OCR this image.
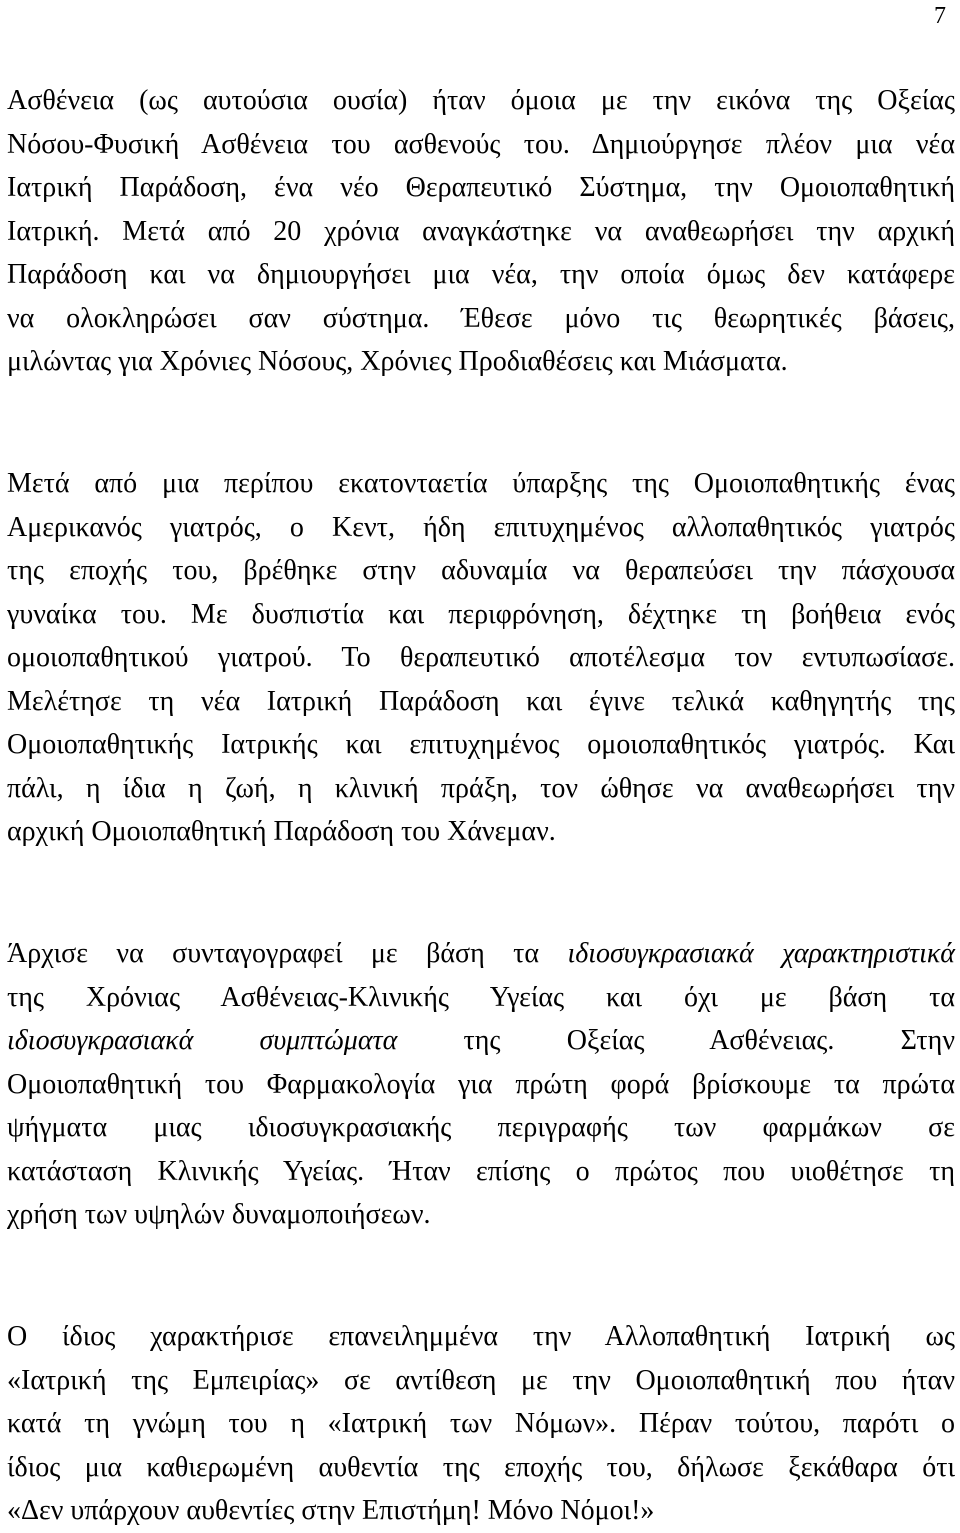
7
Ασθένεια (ως αυτούσια ουσία) ήταν όμοια με την εικόνα της Οξείας
Νόσου-Φυσική Ασθένεια του ασθενούς του. Δημιούργησε πλέον μια νέα
Ιατρική Παράδοση, ένα νέο Θεραπευτικό Σύστημα, την Ομοιοπαθητική
Ιατρική. Μετά από 20 χρόνια αναγκάστηκε να αναθεωρήσει την αρχική
Παράδοση και να δημιουργήσει μια νέα, την οποία όμως δεν κατάφερε
να ολοκληρώσει σαν σύστημα. Έθεσε μόνο τις θεωρητικές βάσεις,
μιλώντας για Χρόνιες Νόσους, Χρόνιες Προδιαθέσεις και Μιάσματα.
Μετά από μια περίπου εκατονταετία ύπαρξης της Ομοιοπαθητικής ένας
Αμερικανός γιατρός, ο Κεντ, ήδη επιτυχημένος αλλοπαθητικός γιατρός
της εποχής του, βρέθηκε στην αδυναμία να θεραπεύσει την πάσχουσα
γυναίκα του. Με δυσπιστία και περιφρόνηση, δέχτηκε τη βοήθεια ενός
ομοιοπαθητικού γιατρού. Το θεραπευτικό αποτέλεσμα τον εντυπωσίασε.
Μελέτησε τη νέα Ιατρική Παράδοση και έγινε τελικά καθηγητής της
Ομοιοπαθητικής Ιατρικής και επιτυχημένος ομοιοπαθητικός γιατρός. Και
πάλι, η ίδια η ζωή, η κλινική πράξη, τον ώθησε να αναθεωρήσει την
αρχική Ομοιοπαθητική Παράδοση του Χάνεμαν.
Άρχισε να συνταγογραφεί με βάση τα ιδιοσυγκρασιακά χαρακτηριστικά
της Χρόνιας Ασθένειας-Κλινικής Υγείας και όχι με βάση τα
ιδιοσυγκρασιακά συμπτώματα της Οξείας Ασθένειας. Στην
Ομοιοπαθητική του Φαρμακολογία για πρώτη φορά βρίσκουμε τα πρώτα
ψήγματα μιας ιδιοσυγκρασιακής περιγραφής των φαρμάκων σε
κατάσταση Κλινικής Υγείας. Ήταν επίσης ο πρώτος που υιοθέτησε τη
χρήση των υψηλών δυναμοποιήσεων.
Ο ίδιος χαρακτήρισε επανειλημμένα την Αλλοπαθητική Ιατρική ως
«Ιατρική της Εμπειρίας» σε αντίθεση με την Ομοιοπαθητική που ήταν
κατά τη γνώμη του η «Ιατρική των Νόμων». Πέραν τούτου, παρότι ο
ίδιος μια καθιερωμένη αυθεντία της εποχής του, δήλωσε ξεκάθαρα ότι
«Δεν υπάρχουν αυθεντίες στην Επιστήμη! Μόνο Νόμοι!»
